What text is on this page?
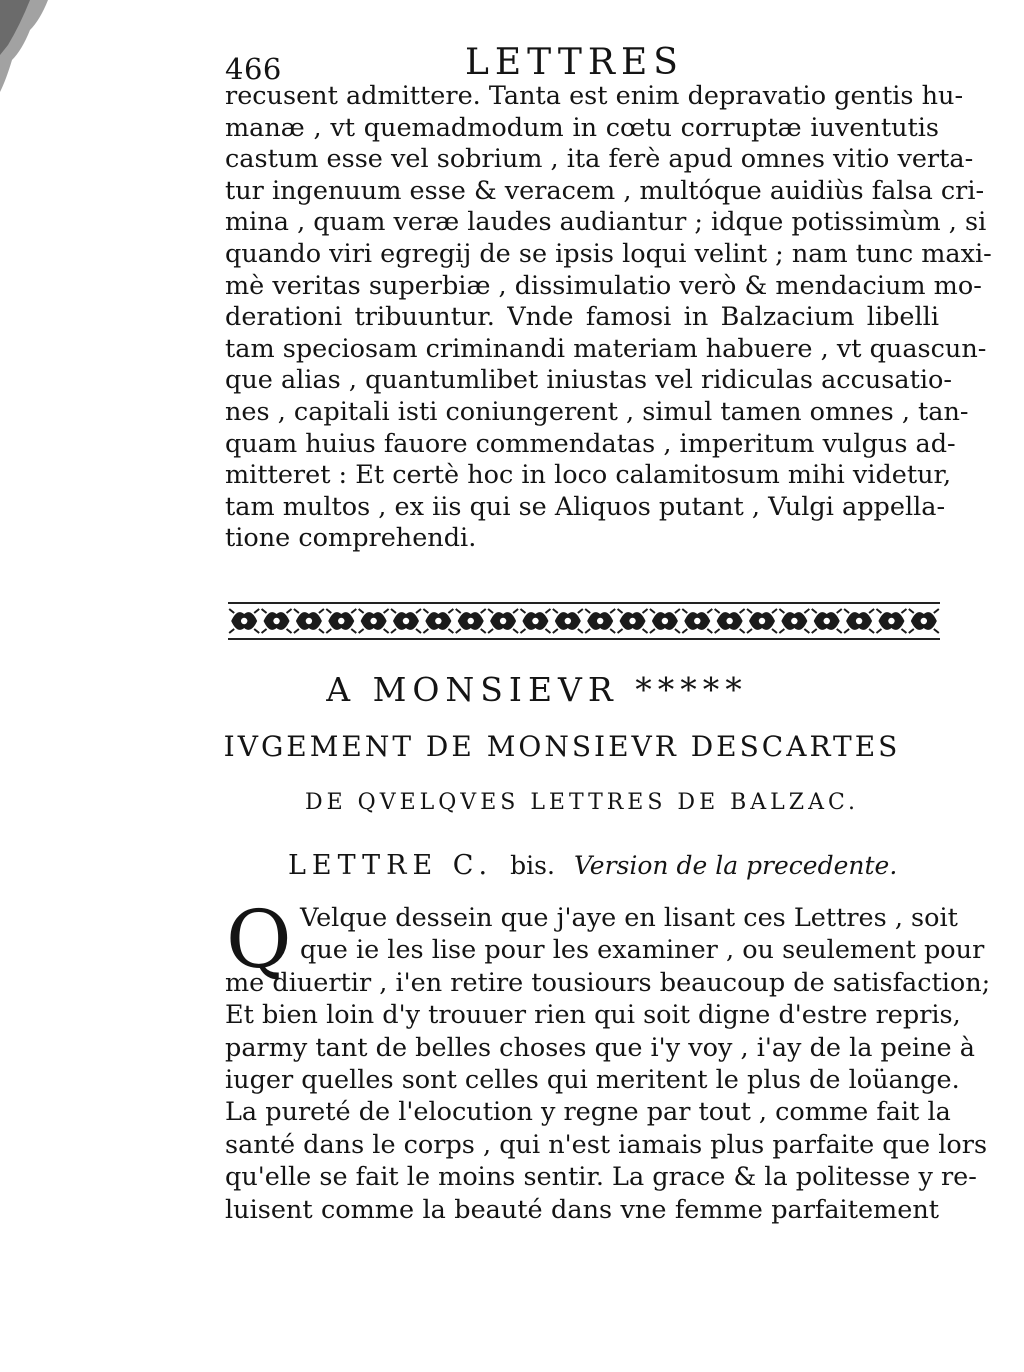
466	LETTRES
recusent admittere. Tanta est enim depravatio gentis hu-
manæ , vt quemadmodum in cœtu corruptæ iuventutis
castum esse vel sobrium , ita ferè apud omnes vitio verta-
tur ingenuum esse & veracem , multóque auidiùs falsa cri-
mina , quam veræ laudes audiantur ; idque potissimùm , si
quando viri egregij de se ipsis loqui velint ; nam tunc maxi-
mè veritas superbiæ , dissimulatio verò & mendacium mo-
derationi tribuuntur. Vnde famosi in Balzacium libelli
tam speciosam criminandi materiam habuere , vt quascun-
que alias , quantumlibet iniustas vel ridiculas accusatio-
nes , capitali isti coniungerent , simul tamen omnes , tan-
quam huius fauore commendatas , imperitum vulgus ad-
mitteret : Et certè hoc in loco calamitosum mihi videtur,
tam multos , ex iis qui se Aliquos putant , Vulgi appella-
tione comprehendi.
A MONSIEVR *****
IVGEMENT DE MONSIEVR DESCARTES
DE QVELQVES LETTRES DE BALZAC.
LETTRE C. bis. Version de la precedente.
Q Velque dessein que j'aye en lisant ces Lettres , soit
que ie les lise pour les examiner , ou seulement pour
me diuertir , i'en retire tousiours beaucoup de satisfaction;
Et bien loin d'y trouuer rien qui soit digne d'estre repris,
parmy tant de belles choses que i'y voy , i'ay de la peine à
iuger quelles sont celles qui meritent le plus de loüange.
La pureté de l'elocution y regne par tout , comme fait la
santé dans le corps , qui n'est iamais plus parfaite que lors
qu'elle se fait le moins sentir. La grace & la politesse y re-
luisent comme la beauté dans vne femme parfaitement
